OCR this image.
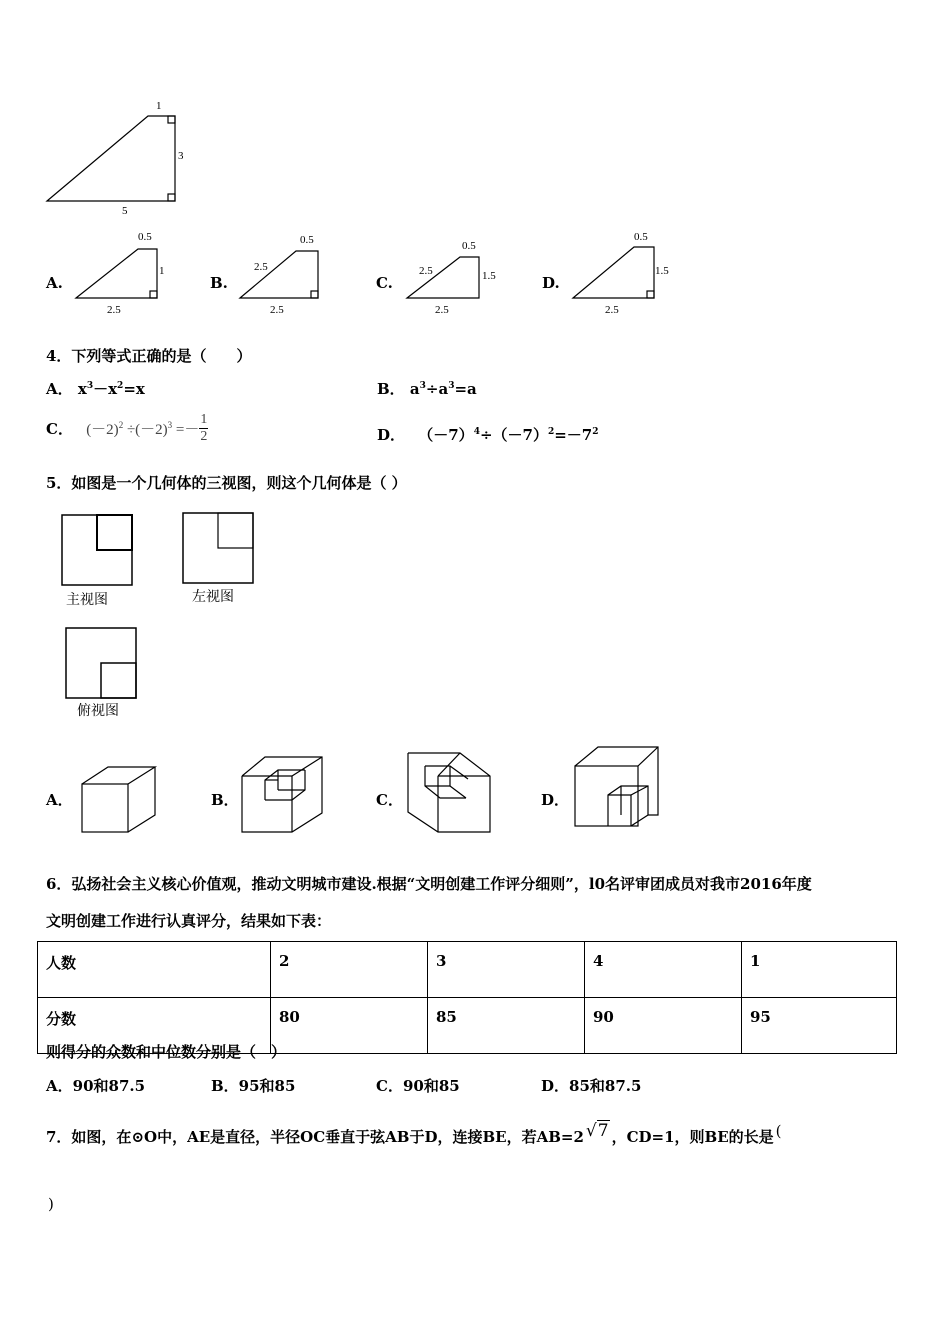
1
3
5
A.
0.5
1
2.5
B.
0.5
2.5
2.5
C.
0.5
1.5
2.5
2.5
D.
0.5
1.5
2.5
4．下列等式正确的是（　　）
A． $x^3-x^2=x$	B． $a^3\div a^3=a$
C． $(-2)^2 \div(-2)^3 =- \frac{1}{2}$	D． $(-7)^4\div(-7)^2=-7^2$
5．如图是一个几何体的三视图，则这个几何体是（ ）
主视图	左视图
俯视图
A．	B．	C．	D．
6．弘扬社会主义核心价值观，推动文明城市建设.根据“文明创建工作评分细则”，l0名评审团成员对我市2016年度
文明创建工作进行认真评分，结果如下表：
人数	2	3	4	1
分数	80	85	90	95
则得分的众数和中位数分别是（　）
A．90和87.5	B．95和85	C．90和85	D．85和87.5
7．如图，在⊙O中，AE是直径，半径OC垂直于弦AB于D，连接BE，若AB=2 √7 ，CD=1，则BE的长是 (
)
